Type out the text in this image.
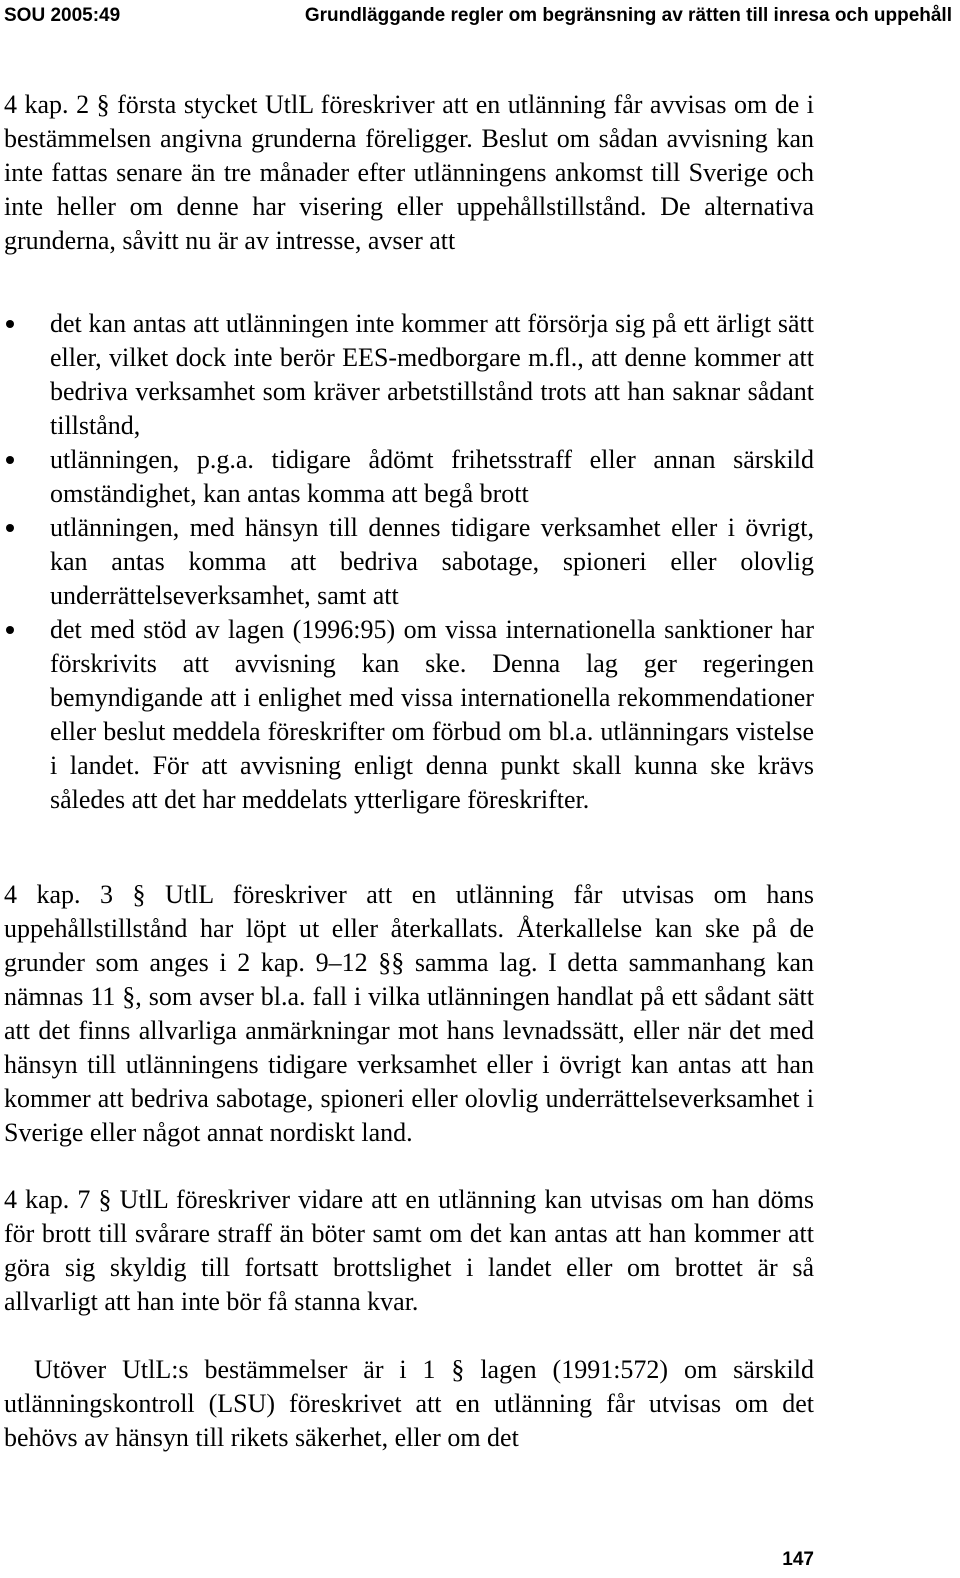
SOU 2005:49	Grundläggande regler om begränsning av rätten till inresa och uppehåll

4 kap. 2 § första stycket UtlL föreskriver att en utlänning får avvisas om de i bestämmelsen angivna grunderna föreligger. Beslut om sådan avvisning kan inte fattas senare än tre månader efter utlänningens ankomst till Sverige och inte heller om denne har visering eller uppehållstillstånd. De alternativa grunderna, såvitt nu är av intresse, avser att

det kan antas att utlänningen inte kommer att försörja sig på ett ärligt sätt eller, vilket dock inte berör EES-medborgare m.fl., att denne kommer att bedriva verksamhet som kräver arbetstillstånd trots att han saknar sådant tillstånd,
utlänningen, p.g.a. tidigare ådömt frihetsstraff eller annan särskild omständighet, kan antas komma att begå brott
utlänningen, med hänsyn till dennes tidigare verksamhet eller i övrigt, kan antas komma att bedriva sabotage, spioneri eller olovlig underrättelseverksamhet, samt att
det med stöd av lagen (1996:95) om vissa internationella sanktioner har förskrivits att avvisning kan ske. Denna lag ger regeringen bemyndigande att i enlighet med vissa internationella rekommendationer eller beslut meddela föreskrifter om förbud om bl.a. utlänningars vistelse i landet. För att avvisning enligt denna punkt skall kunna ske krävs således att det har meddelats ytterligare föreskrifter.

4 kap. 3 § UtlL föreskriver att en utlänning får utvisas om hans uppehållstillstånd har löpt ut eller återkallats. Återkallelse kan ske på de grunder som anges i 2 kap. 9–12 §§ samma lag. I detta sammanhang kan nämnas 11 §, som avser bl.a. fall i vilka utlänningen handlat på ett sådant sätt att det finns allvarliga anmärkningar mot hans levnadssätt, eller när det med hänsyn till utlänningens tidigare verksamhet eller i övrigt kan antas att han kommer att bedriva sabotage, spioneri eller olovlig underrättelseverksamhet i Sverige eller något annat nordiskt land.

4 kap. 7 § UtlL föreskriver vidare att en utlänning kan utvisas om han döms för brott till svårare straff än böter samt om det kan antas att han kommer att göra sig skyldig till fortsatt brottslighet i landet eller om brottet är så allvarligt att han inte bör få stanna kvar.

Utöver UtlL:s bestämmelser är i 1 § lagen (1991:572) om särskild utlänningskontroll (LSU) föreskrivet att en utlänning får utvisas om det behövs av hänsyn till rikets säkerhet, eller om det

147
